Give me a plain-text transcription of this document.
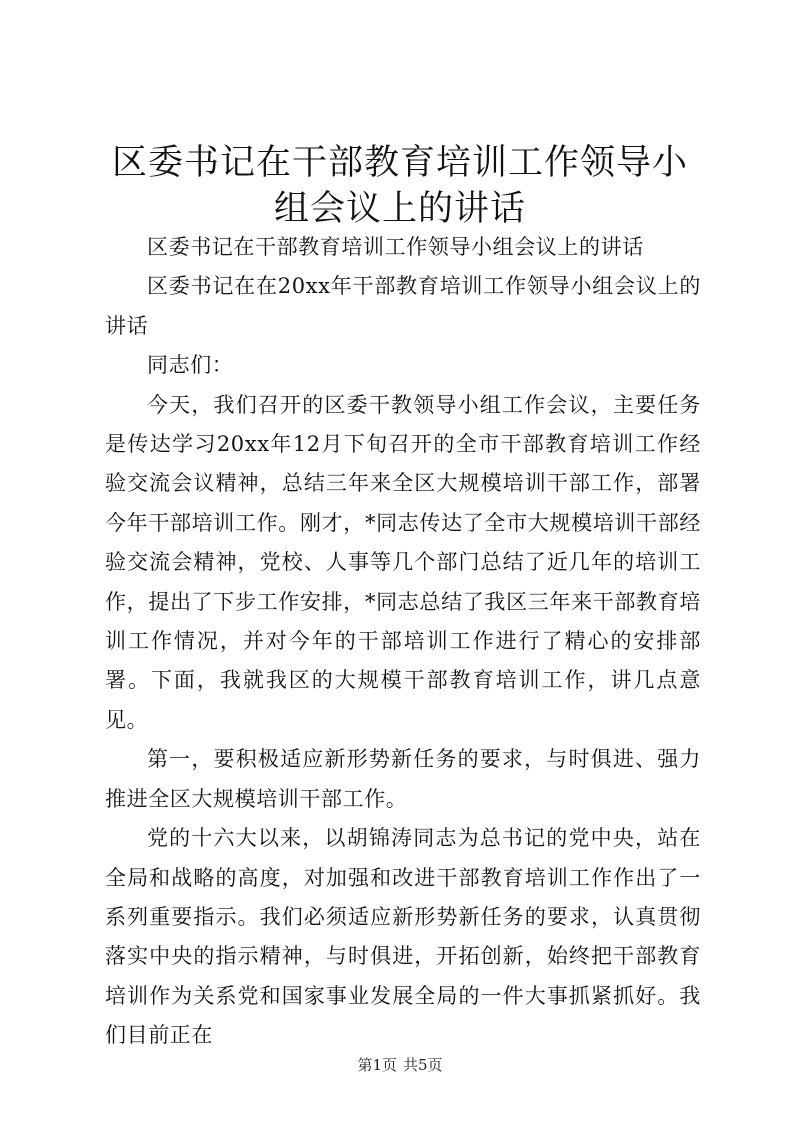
区委书记在干部教育培训工作领导小组会议上的讲话

区委书记在干部教育培训工作领导小组会议上的讲话

区委书记在在20xx年干部教育培训工作领导小组会议上的讲话

同志们：

今天，我们召开的区委干教领导小组工作会议，主要任务是传达学习20xx年12月下旬召开的全市干部教育培训工作经验交流会议精神，总结三年来全区大规模培训干部工作，部署今年干部培训工作。刚才，*同志传达了全市大规模培训干部经验交流会精神，党校、人事等几个部门总结了近几年的培训工作，提出了下步工作安排，*同志总结了我区三年来干部教育培训工作情况，并对今年的干部培训工作进行了精心的安排部署。下面，我就我区的大规模干部教育培训工作，讲几点意见。

第一，要积极适应新形势新任务的要求，与时俱进、强力推进全区大规模培训干部工作。

党的十六大以来，以胡锦涛同志为总书记的党中央，站在全局和战略的高度，对加强和改进干部教育培训工作作出了一系列重要指示。我们必须适应新形势新任务的要求，认真贯彻落实中央的指示精神，与时俱进，开拓创新，始终把干部教育培训作为关系党和国家事业发展全局的一件大事抓紧抓好。我们目前正在

第1页 共5页
